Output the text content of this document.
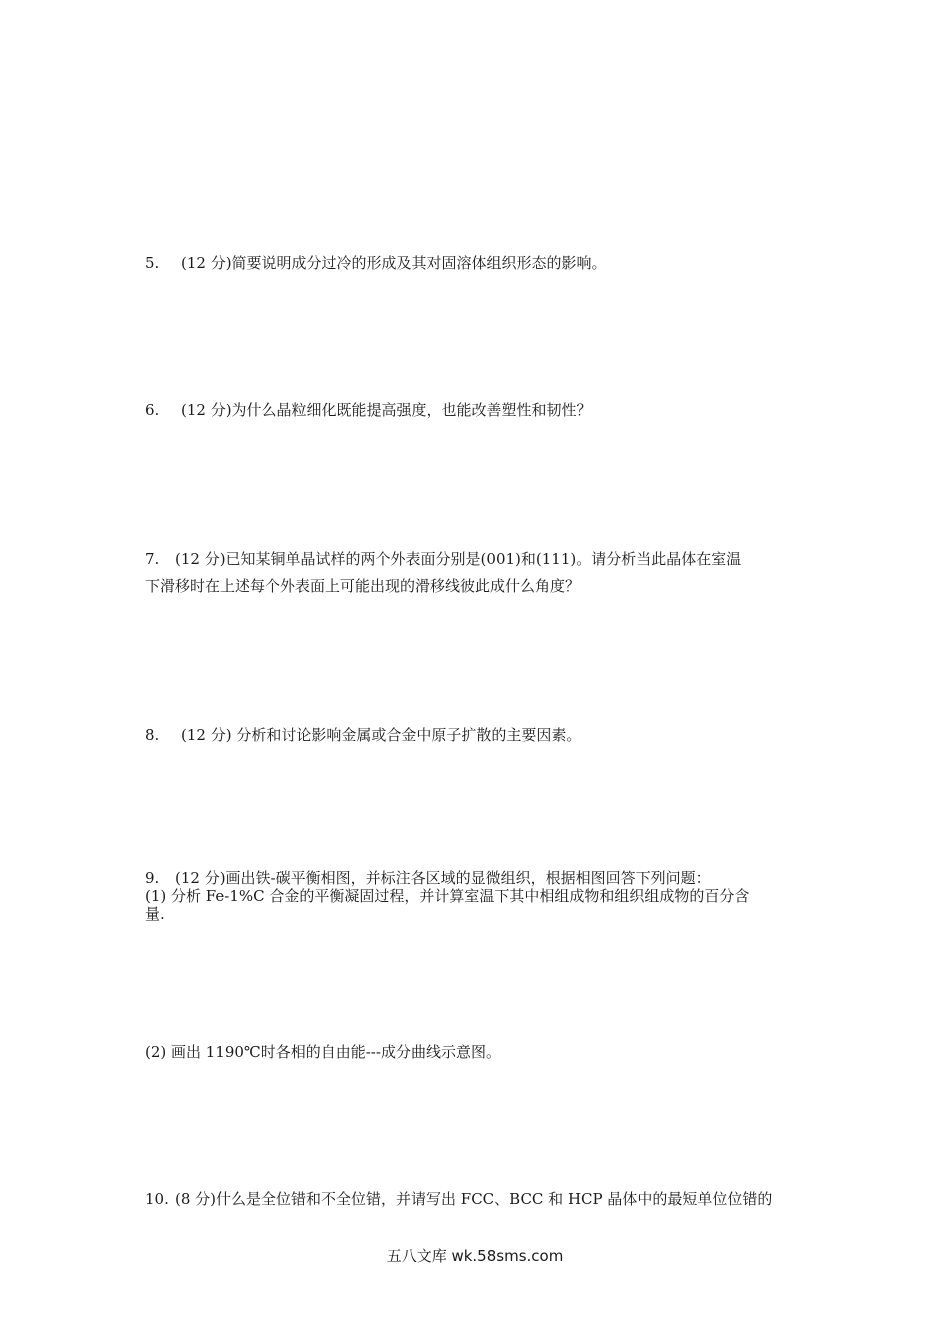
5. (12 分)简要说明成分过冷的形成及其对固溶体组织形态的影响。
6. (12 分)为什么晶粒细化既能提高强度，也能改善塑性和韧性？
7. (12 分)已知某铜单晶试样的两个外表面分别是(001)和(111)。请分析当此晶体在室温
下滑移时在上述每个外表面上可能出现的滑移线彼此成什么角度？
8. (12 分) 分析和讨论影响金属或合金中原子扩散的主要因素。
9. (12 分)画出铁-碳平衡相图，并标注各区域的显微组织，根据相图回答下列问题：
(1) 分析 Fe-1%C 合金的平衡凝固过程，并计算室温下其中相组成物和组织组成物的百分含
量.
(2) 画出 1190℃时各相的自由能---成分曲线示意图。
10. (8 分)什么是全位错和不全位错，并请写出 FCC、BCC 和 HCP 晶体中的最短单位位错的
五八文库 wk.58sms.com
